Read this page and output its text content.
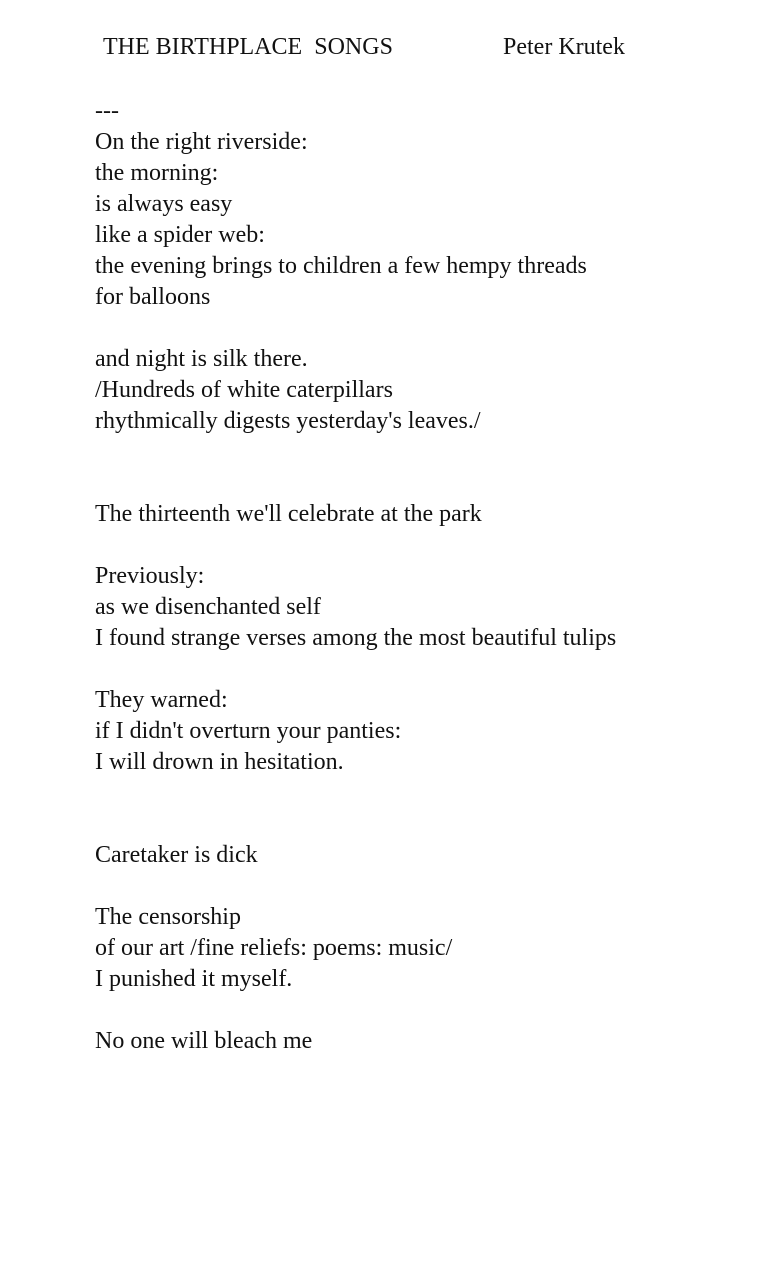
THE BIRTHPLACE  SONGS	Peter Krutek
---
On the right riverside:
the morning:
is always easy
like a spider web:
the evening brings to children a few hempy threads
for balloons
and night is silk there.
/Hundreds of white caterpillars
rhythmically digests yesterday's leaves./
The thirteenth we'll celebrate at the park
Previously:
as we disenchanted self
I found strange verses among the most beautiful tulips
They warned:
if I didn't overturn your panties:
I will drown in hesitation.
Caretaker is dick
The censorship
of our art /fine reliefs: poems: music/
I punished it myself.
No one will bleach me
